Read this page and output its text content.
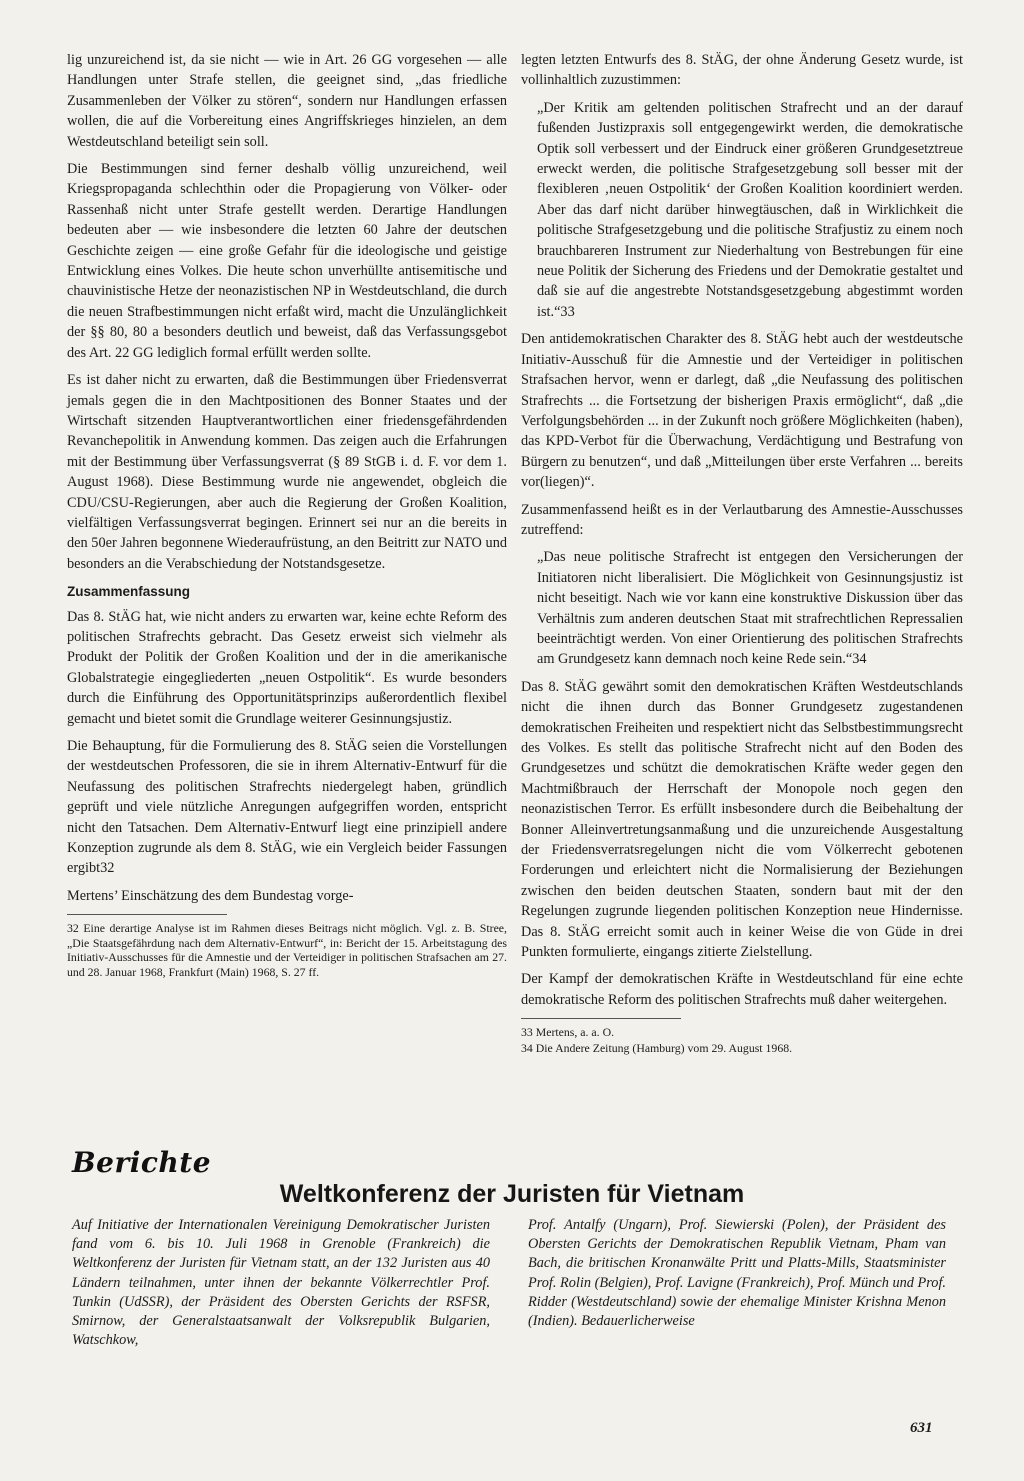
lig unzureichend ist, da sie nicht — wie in Art. 26 GG vorgesehen — alle Handlungen unter Strafe stellen, die geeignet sind, „das friedliche Zusammenleben der Völker zu stören“, sondern nur Handlungen erfassen wollen, die auf die Vorbereitung eines Angriffskrieges hinzielen, an dem Westdeutschland beteiligt sein soll.

Die Bestimmungen sind ferner deshalb völlig unzureichend, weil Kriegspropaganda schlechthin oder die Propagierung von Völker- oder Rassenhaß nicht unter Strafe gestellt werden. Derartige Handlungen bedeuten aber — wie insbesondere die letzten 60 Jahre der deutschen Geschichte zeigen — eine große Gefahr für die ideologische und geistige Entwicklung eines Volkes. Die heute schon unverhüllte antisemitische und chauvinistische Hetze der neonazistischen NP in Westdeutschland, die durch die neuen Strafbestimmungen nicht erfaßt wird, macht die Unzulänglichkeit der §§ 80, 80 a besonders deutlich und beweist, daß das Verfassungsgebot des Art. 22 GG lediglich formal erfüllt werden sollte.

Es ist daher nicht zu erwarten, daß die Bestimmungen über Friedensverrat jemals gegen die in den Machtpositionen des Bonner Staates und der Wirtschaft sitzenden Hauptverantwortlichen einer friedensgefährdenden Revanchepolitik in Anwendung kommen. Das zeigen auch die Erfahrungen mit der Bestimmung über Verfassungsverrat (§ 89 StGB i. d. F. vor dem 1. August 1968). Diese Bestimmung wurde nie angewendet, obgleich die CDU/CSU-Regierungen, aber auch die Regierung der Großen Koalition, vielfältigen Verfassungsverrat begingen. Erinnert sei nur an die bereits in den 50er Jahren begonnene Wiederaufrüstung, an den Beitritt zur NATO und besonders an die Verabschiedung der Notstandsgesetze.

Zusammenfassung

Das 8. StÄG hat, wie nicht anders zu erwarten war, keine echte Reform des politischen Strafrechts gebracht. Das Gesetz erweist sich vielmehr als Produkt der Politik der Großen Koalition und der in die amerikanische Globalstrategie eingegliederten „neuen Ostpolitik“. Es wurde besonders durch die Einführung des Opportunitätsprinzips außerordentlich flexibel gemacht und bietet somit die Grundlage weiterer Gesinnungsjustiz.

Die Behauptung, für die Formulierung des 8. StÄG seien die Vorstellungen der westdeutschen Professoren, die sie in ihrem Alternativ-Entwurf für die Neufassung des politischen Strafrechts niedergelegt haben, gründlich geprüft und viele nützliche Anregungen aufgegriffen worden, entspricht nicht den Tatsachen. Dem Alternativ-Entwurf liegt eine prinzipiell andere Konzeption zugrunde als dem 8. StÄG, wie ein Vergleich beider Fassungen ergibt32

Mertens’ Einschätzung des dem Bundestag vorge-

32 Eine derartige Analyse ist im Rahmen dieses Beitrags nicht möglich. Vgl. z. B. Stree, „Die Staatsgefährdung nach dem Alternativ-Entwurf“, in: Bericht der 15. Arbeitstagung des Initiativ-Ausschusses für die Amnestie und der Verteidiger in politischen Strafsachen am 27. und 28. Januar 1968, Frankfurt (Main) 1968, S. 27 ff.

legten letzten Entwurfs des 8. StÄG, der ohne Änderung Gesetz wurde, ist vollinhaltlich zuzustimmen:

„Der Kritik am geltenden politischen Strafrecht und an der darauf fußenden Justizpraxis soll entgegengewirkt werden, die demokratische Optik soll verbessert und der Eindruck einer größeren Grundgesetztreue erweckt werden, die politische Strafgesetzgebung soll besser mit der flexibleren ‚neuen Ostpolitik‘ der Großen Koalition koordiniert werden. Aber das darf nicht darüber hinwegtäuschen, daß in Wirklichkeit die politische Strafgesetzgebung und die politische Strafjustiz zu einem noch brauchbareren Instrument zur Niederhaltung von Bestrebungen für eine neue Politik der Sicherung des Friedens und der Demokratie gestaltet und daß sie auf die angestrebte Notstandsgesetzgebung abgestimmt worden ist.“33

Den antidemokratischen Charakter des 8. StÄG hebt auch der westdeutsche Initiativ-Ausschuß für die Amnestie und der Verteidiger in politischen Strafsachen hervor, wenn er darlegt, daß „die Neufassung des politischen Strafrechts ... die Fortsetzung der bisherigen Praxis ermöglicht“, daß „die Verfolgungsbehörden ... in der Zukunft noch größere Möglichkeiten (haben), das KPD-Verbot für die Überwachung, Verdächtigung und Bestrafung von Bürgern zu benutzen“, und daß „Mitteilungen über erste Verfahren ... bereits vor(liegen)“.

Zusammenfassend heißt es in der Verlautbarung des Amnestie-Ausschusses zutreffend:

„Das neue politische Strafrecht ist entgegen den Versicherungen der Initiatoren nicht liberalisiert. Die Möglichkeit von Gesinnungsjustiz ist nicht beseitigt. Nach wie vor kann eine konstruktive Diskussion über das Verhältnis zum anderen deutschen Staat mit strafrechtlichen Repressalien beeinträchtigt werden. Von einer Orientierung des politischen Strafrechts am Grundgesetz kann demnach noch keine Rede sein.“34

Das 8. StÄG gewährt somit den demokratischen Kräften Westdeutschlands nicht die ihnen durch das Bonner Grundgesetz zugestandenen demokratischen Freiheiten und respektiert nicht das Selbstbestimmungsrecht des Volkes. Es stellt das politische Strafrecht nicht auf den Boden des Grundgesetzes und schützt die demokratischen Kräfte weder gegen den Machtmißbrauch der Herrschaft der Monopole noch gegen den neonazistischen Terror. Es erfüllt insbesondere durch die Beibehaltung der Bonner Alleinvertretungsanmaßung und die unzureichende Ausgestaltung der Friedensverratsregelungen nicht die vom Völkerrecht gebotenen Forderungen und erleichtert nicht die Normalisierung der Beziehungen zwischen den beiden deutschen Staaten, sondern baut mit der den Regelungen zugrunde liegenden politischen Konzeption neue Hindernisse. Das 8. StÄG erreicht somit auch in keiner Weise die von Güde in drei Punkten formulierte, eingangs zitierte Zielstellung.

Der Kampf der demokratischen Kräfte in Westdeutschland für eine echte demokratische Reform des politischen Strafrechts muß daher weitergehen.

33 Mertens, a. a. O.
34 Die Andere Zeitung (Hamburg) vom 29. August 1968.
Berichte
Weltkonferenz der Juristen für Vietnam
Auf Initiative der Internationalen Vereinigung Demokratischer Juristen fand vom 6. bis 10. Juli 1968 in Grenoble (Frankreich) die Weltkonferenz der Juristen für Vietnam statt, an der 132 Juristen aus 40 Ländern teilnahmen, unter ihnen der bekannte Völkerrechtler Prof. Tunkin (UdSSR), der Präsident des Obersten Gerichts der RSFSR, Smirnow, der Generalstaatsanwalt der Volksrepublik Bulgarien, Watschkow,
Prof. Antalfy (Ungarn), Prof. Siewierski (Polen), der Präsident des Obersten Gerichts der Demokratischen Republik Vietnam, Pham van Bach, die britischen Kronanwälte Pritt und Platts-Mills, Staatsminister Prof. Rolin (Belgien), Prof. Lavigne (Frankreich), Prof. Münch und Prof. Ridder (Westdeutschland) sowie der ehemalige Minister Krishna Menon (Indien). Bedauerlicherweise
631
